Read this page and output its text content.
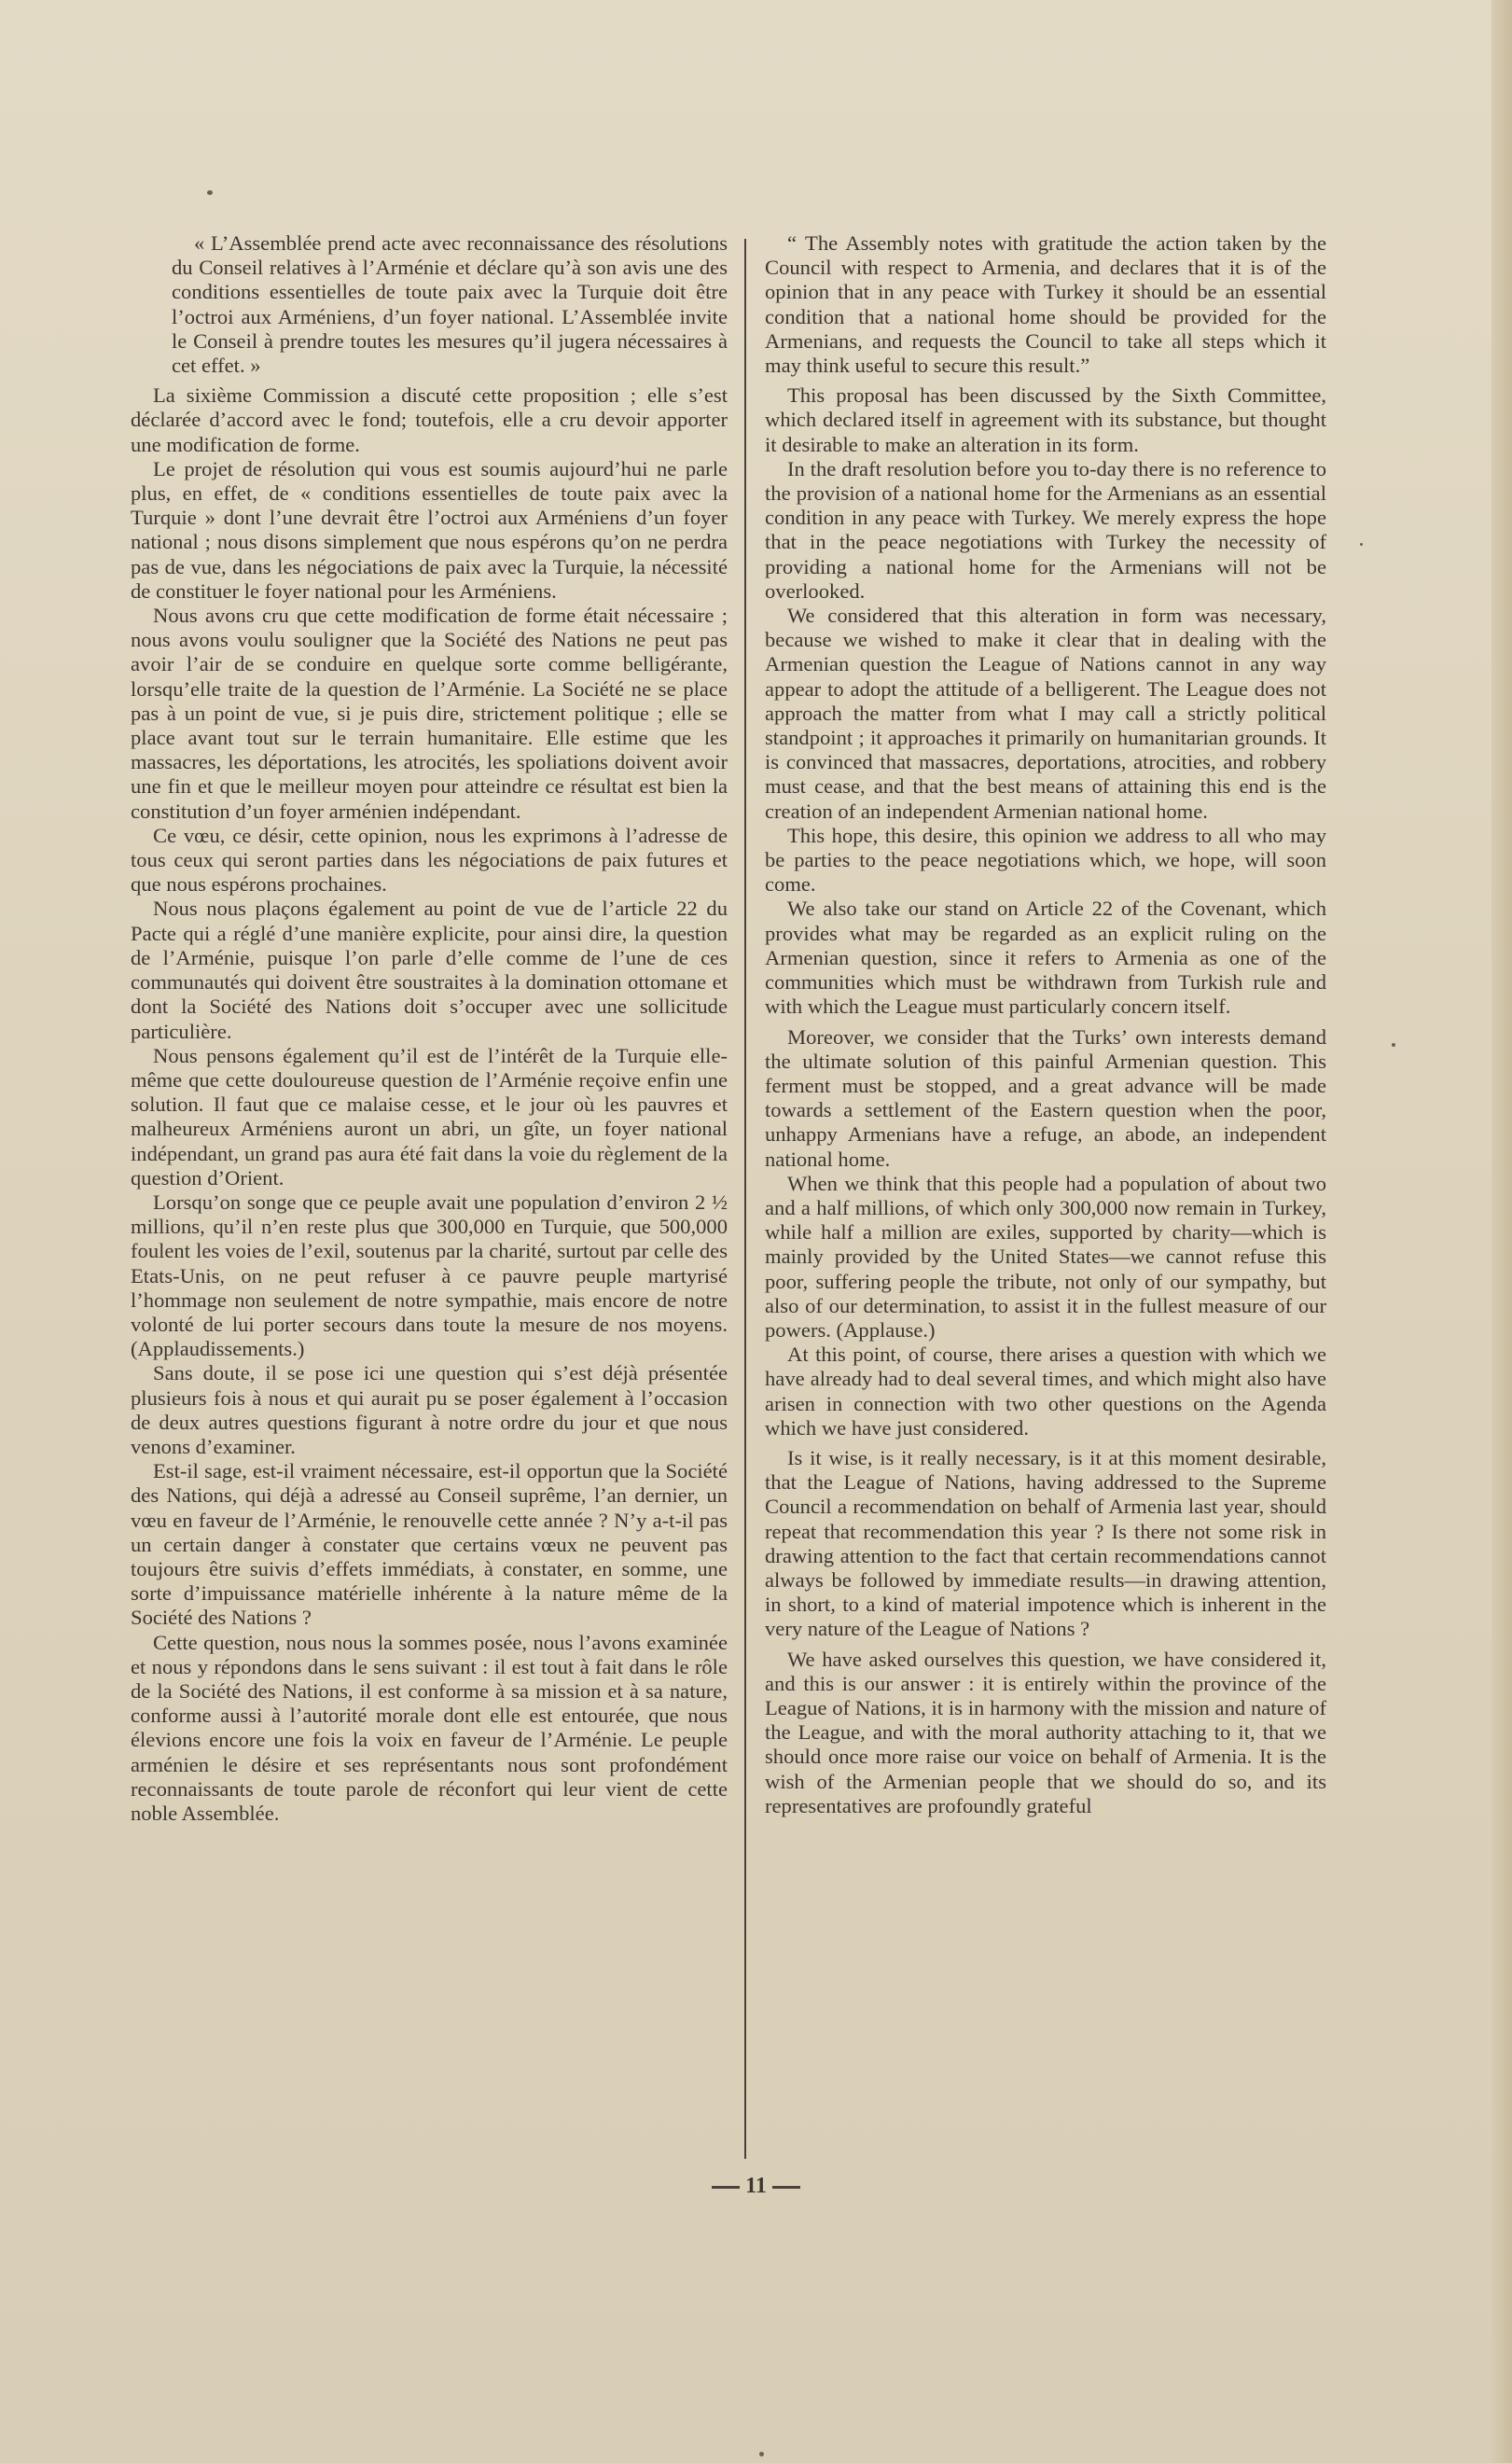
« L’Assemblée prend acte avec reconnaissance des résolutions du Conseil relatives à l’Arménie et déclare qu’à son avis une des conditions essentielles de toute paix avec la Turquie doit être l’octroi aux Arméniens, d’un foyer national. L’Assemblée invite le Conseil à prendre toutes les mesures qu’il jugera nécessaires à cet effet. »

La sixième Commission a discuté cette proposition ; elle s’est déclarée d’accord avec le fond; toutefois, elle a cru devoir apporter une modification de forme.

Le projet de résolution qui vous est soumis aujourd’hui ne parle plus, en effet, de « conditions essentielles de toute paix avec la Turquie » dont l’une devrait être l’octroi aux Arméniens d’un foyer national ; nous disons simplement que nous espérons qu’on ne perdra pas de vue, dans les négociations de paix avec la Turquie, la nécessité de constituer le foyer national pour les Arméniens.

Nous avons cru que cette modification de forme était nécessaire ; nous avons voulu souligner que la Société des Nations ne peut pas avoir l’air de se conduire en quelque sorte comme belligérante, lorsqu’elle traite de la question de l’Arménie. La Société ne se place pas à un point de vue, si je puis dire, strictement politique ; elle se place avant tout sur le terrain humanitaire. Elle estime que les massacres, les déportations, les atrocités, les spoliations doivent avoir une fin et que le meilleur moyen pour atteindre ce résultat est bien la constitution d’un foyer arménien indépendant.

Ce vœu, ce désir, cette opinion, nous les exprimons à l’adresse de tous ceux qui seront parties dans les négociations de paix futures et que nous espérons prochaines.

Nous nous plaçons également au point de vue de l’article 22 du Pacte qui a réglé d’une manière explicite, pour ainsi dire, la question de l’Arménie, puisque l’on parle d’elle comme de l’une de ces communautés qui doivent être soustraites à la domination ottomane et dont la Société des Nations doit s’occuper avec une sollicitude particulière.

Nous pensons également qu’il est de l’intérêt de la Turquie elle-même que cette douloureuse question de l’Arménie reçoive enfin une solution. Il faut que ce malaise cesse, et le jour où les pauvres et malheureux Arméniens auront un abri, un gîte, un foyer national indépendant, un grand pas aura été fait dans la voie du règlement de la question d’Orient.

Lorsqu’on songe que ce peuple avait une population d’environ 2 ½ millions, qu’il n’en reste plus que 300,000 en Turquie, que 500,000 foulent les voies de l’exil, soutenus par la charité, surtout par celle des Etats-Unis, on ne peut refuser à ce pauvre peuple martyrisé l’hommage non seulement de notre sympathie, mais encore de notre volonté de lui porter secours dans toute la mesure de nos moyens. (Applaudissements.)

Sans doute, il se pose ici une question qui s’est déjà présentée plusieurs fois à nous et qui aurait pu se poser également à l’occasion de deux autres questions figurant à notre ordre du jour et que nous venons d’examiner.

Est-il sage, est-il vraiment nécessaire, est-il opportun que la Société des Nations, qui déjà a adressé au Conseil suprême, l’an dernier, un vœu en faveur de l’Arménie, le renouvelle cette année ? N’y a-t-il pas un certain danger à constater que certains vœux ne peuvent pas toujours être suivis d’effets immédiats, à constater, en somme, une sorte d’impuissance matérielle inhérente à la nature même de la Société des Nations ?

Cette question, nous nous la sommes posée, nous l’avons examinée et nous y répondons dans le sens suivant : il est tout à fait dans le rôle de la Société des Nations, il est conforme à sa mission et à sa nature, conforme aussi à l’autorité morale dont elle est entourée, que nous élevions encore une fois la voix en faveur de l’Arménie. Le peuple arménien le désire et ses représentants nous sont profondément reconnaissants de toute parole de réconfort qui leur vient de cette noble Assemblée.

“ The Assembly notes with gratitude the action taken by the Council with respect to Armenia, and declares that it is of the opinion that in any peace with Turkey it should be an essential condition that a national home should be provided for the Armenians, and requests the Council to take all steps which it may think useful to secure this result.”

This proposal has been discussed by the Sixth Committee, which declared itself in agreement with its substance, but thought it desirable to make an alteration in its form.

In the draft resolution before you to-day there is no reference to the provision of a national home for the Armenians as an essential condition in any peace with Turkey. We merely express the hope that in the peace negotiations with Turkey the necessity of providing a national home for the Armenians will not be overlooked.

We considered that this alteration in form was necessary, because we wished to make it clear that in dealing with the Armenian question the League of Nations cannot in any way appear to adopt the attitude of a belligerent. The League does not approach the matter from what I may call a strictly political standpoint ; it approaches it primarily on humanitarian grounds. It is convinced that massacres, deportations, atrocities, and robbery must cease, and that the best means of attaining this end is the creation of an independent Armenian national home.

This hope, this desire, this opinion we address to all who may be parties to the peace negotiations which, we hope, will soon come.

We also take our stand on Article 22 of the Covenant, which provides what may be regarded as an explicit ruling on the Armenian question, since it refers to Armenia as one of the communities which must be withdrawn from Turkish rule and with which the League must particularly concern itself.

Moreover, we consider that the Turks’ own interests demand the ultimate solution of this painful Armenian question. This ferment must be stopped, and a great advance will be made towards a settlement of the Eastern question when the poor, unhappy Armenians have a refuge, an abode, an independent national home.

When we think that this people had a population of about two and a half millions, of which only 300,000 now remain in Turkey, while half a million are exiles, supported by charity—which is mainly provided by the United States—we cannot refuse this poor, suffering people the tribute, not only of our sympathy, but also of our determination, to assist it in the fullest measure of our powers. (Applause.)

At this point, of course, there arises a question with which we have already had to deal several times, and which might also have arisen in connection with two other questions on the Agenda which we have just considered.

Is it wise, is it really necessary, is it at this moment desirable, that the League of Nations, having addressed to the Supreme Council a recommendation on behalf of Armenia last year, should repeat that recommendation this year ? Is there not some risk in drawing attention to the fact that certain recommendations cannot always be followed by immediate results—in drawing attention, in short, to a kind of material impotence which is inherent in the very nature of the League of Nations ?

We have asked ourselves this question, we have considered it, and this is our answer : it is entirely within the province of the League of Nations, it is in harmony with the mission and nature of the League, and with the moral authority attaching to it, that we should once more raise our voice on behalf of Armenia. It is the wish of the Armenian people that we should do so, and its representatives are profoundly grateful

11
